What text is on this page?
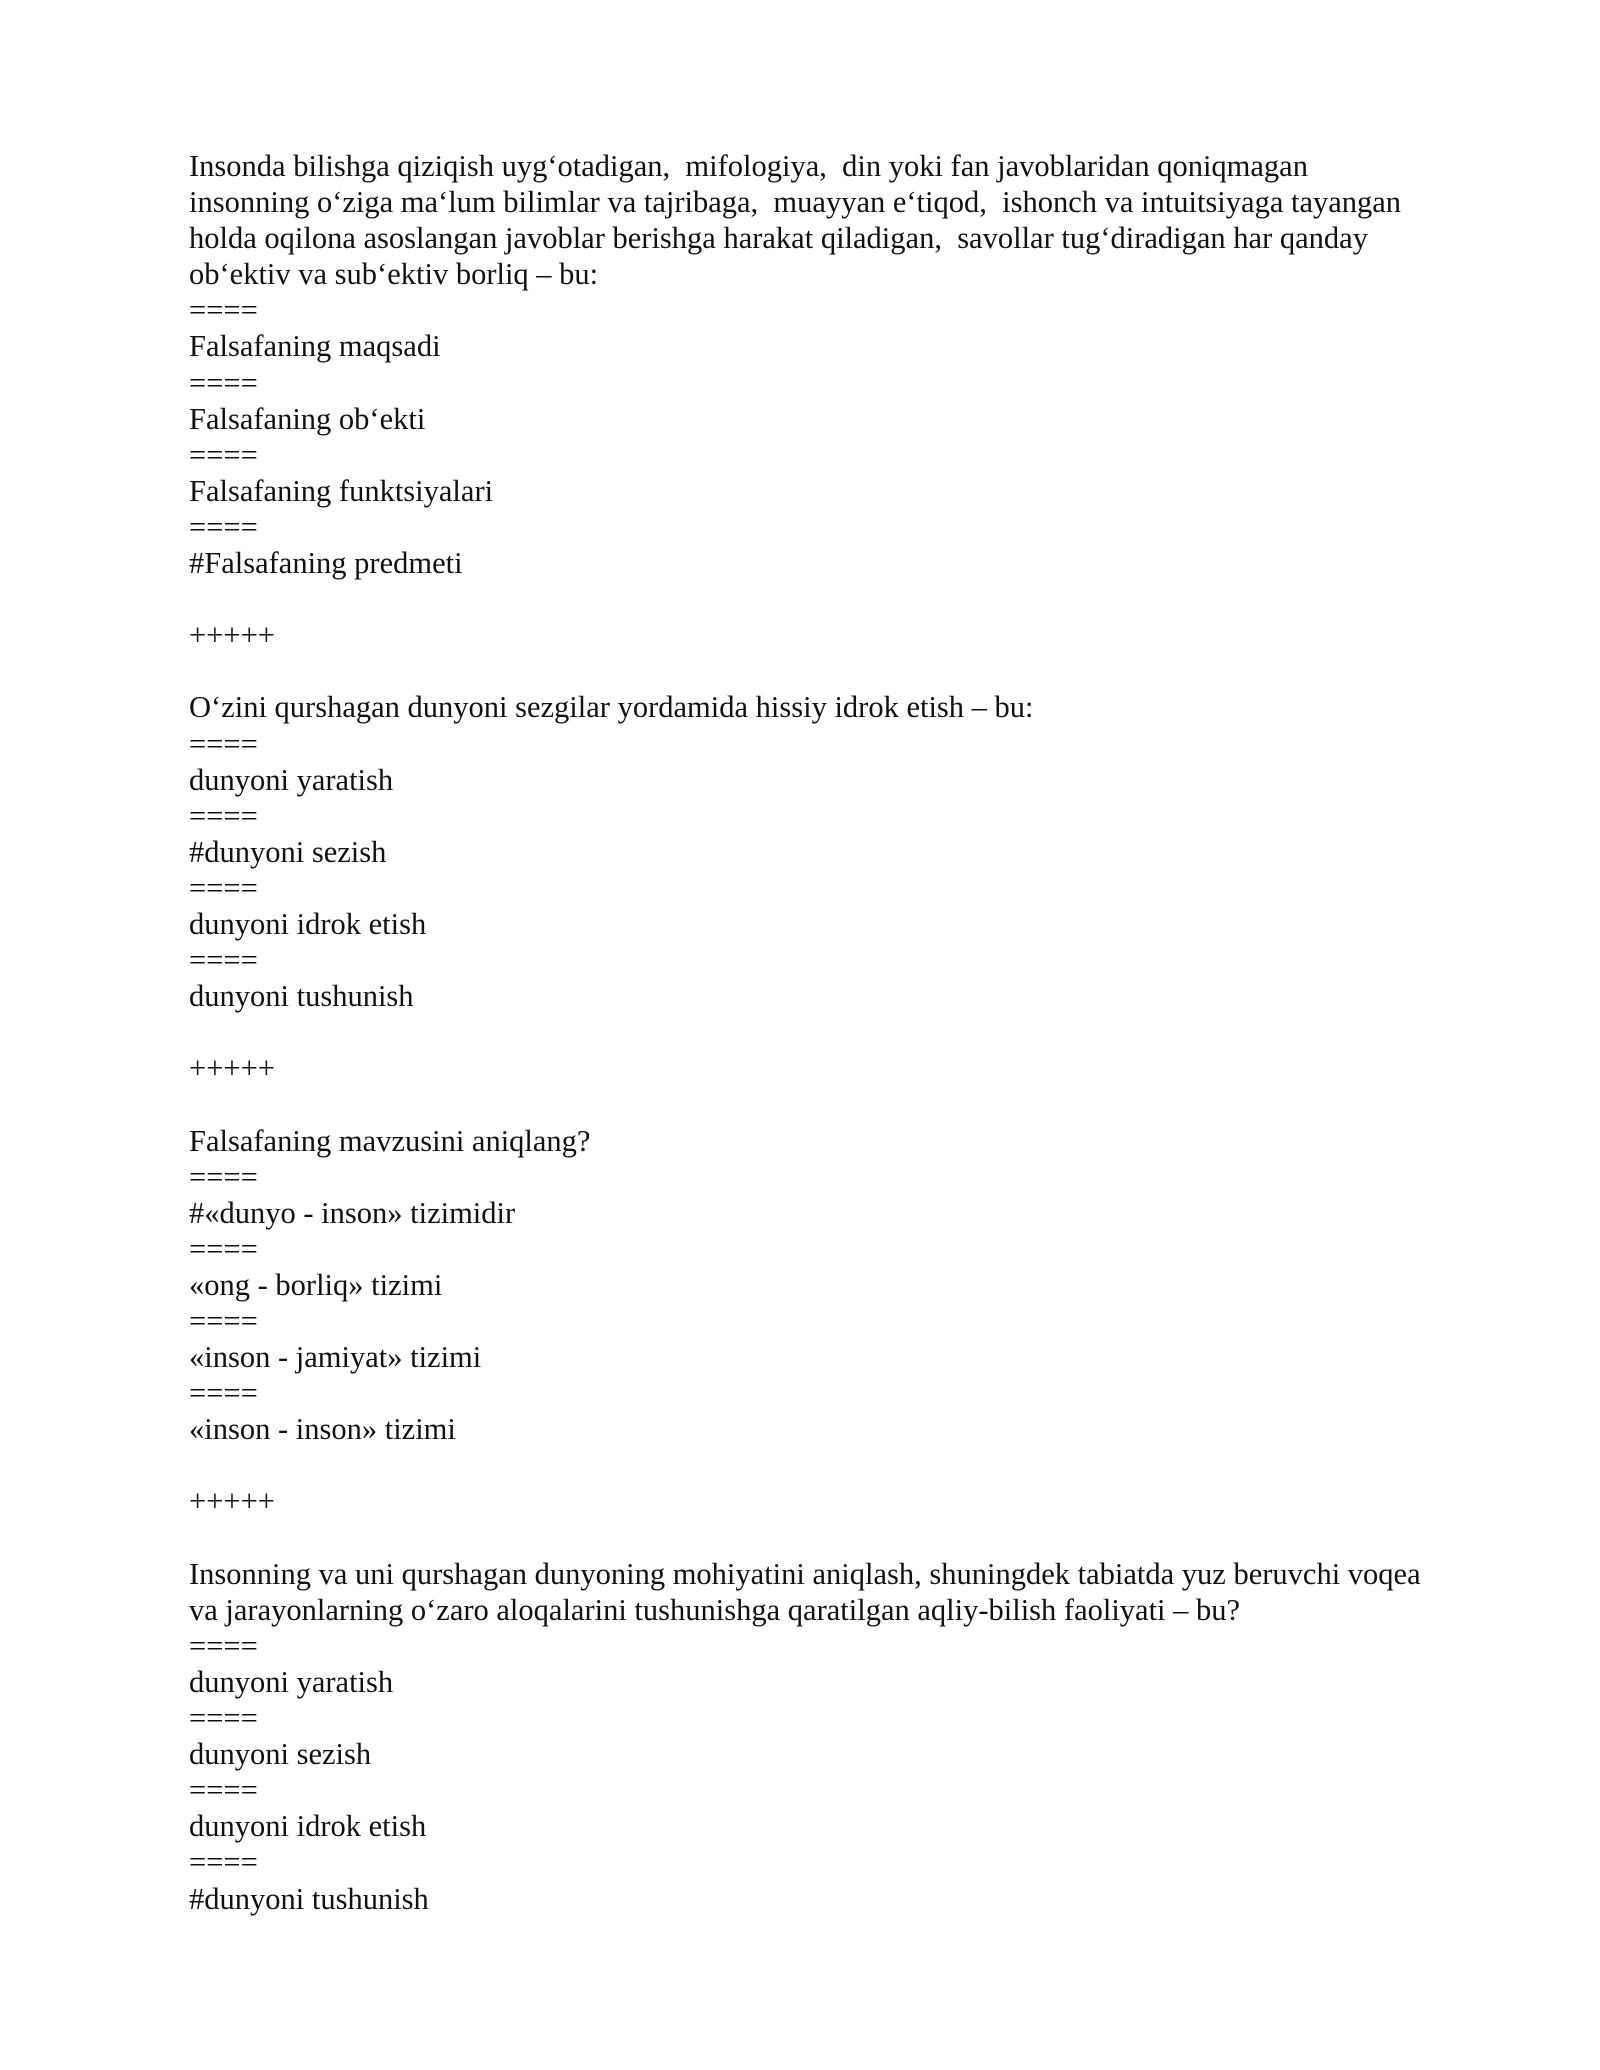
Insonda bilishga qiziqish uyg‘otadigan,  mifologiya,  din yoki fan javoblaridan qoniqmagan insonning o‘ziga ma‘lum bilimlar va tajribaga,  muayyan e‘tiqod,  ishonch va intuitsiyaga tayangan holda oqilona asoslangan javoblar berishga harakat qiladigan,  savollar tug‘diradigan har qanday ob‘ektiv va sub‘ektiv borliq – bu:

====

Falsafaning maqsadi

====

Falsafaning ob‘ekti

====

Falsafaning funktsiyalari

====

#Falsafaning predmeti

+++++

O‘zini qurshagan dunyoni sezgilar yordamida hissiy idrok etish – bu:

====

dunyoni yaratish

====

#dunyoni sezish

====

dunyoni idrok etish

====

dunyoni tushunish

+++++

Falsafaning mavzusini aniqlang?

====

#«dunyo - inson» tizimidir

====

«ong - borliq» tizimi

====

«inson - jamiyat» tizimi

====

«inson - inson» tizimi

+++++

Insonning va uni qurshagan dunyoning mohiyatini aniqlash, shuningdek tabiatda yuz beruvchi voqea va jarayonlarning o‘zaro aloqalarini tushunishga qaratilgan aqliy-bilish faoliyati – bu?

====

dunyoni yaratish

====

dunyoni sezish

====

dunyoni idrok etish

====

#dunyoni tushunish
